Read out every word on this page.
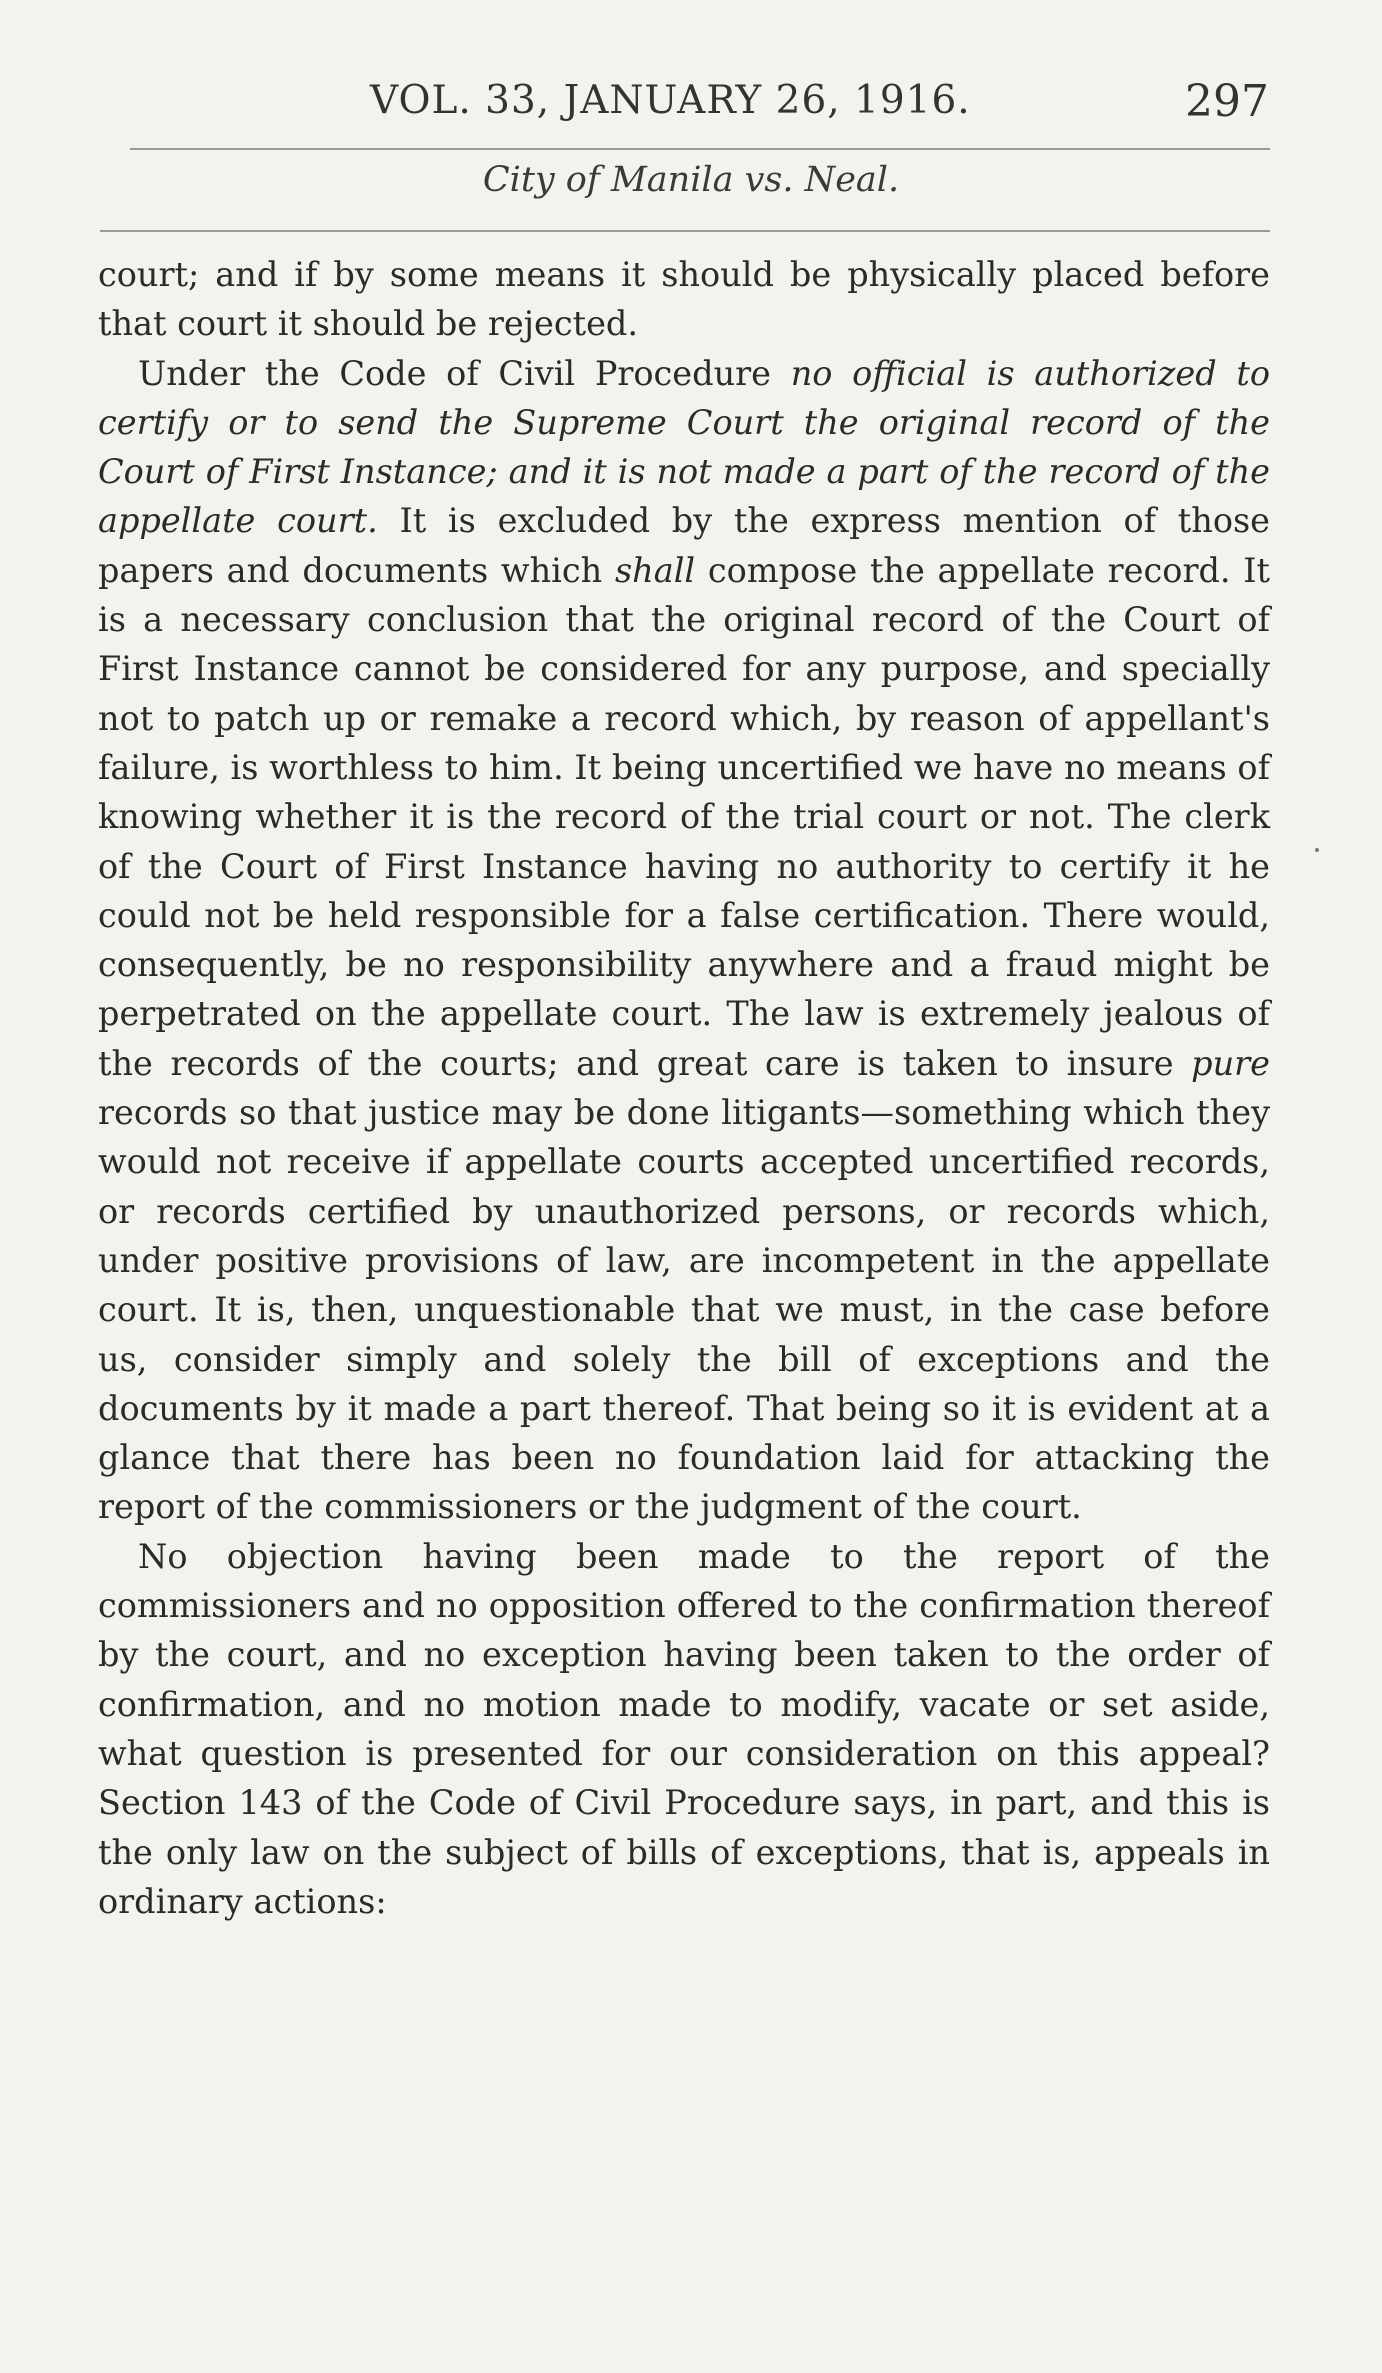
VOL. 33, JANUARY 26, 1916.	297
City of Manila vs. Neal.

court; and if by some means it should be physically placed before that court it should be rejected.

Under the Code of Civil Procedure no official is authorized to certify or to send the Supreme Court the original record of the Court of First Instance; and it is not made a part of the record of the appellate court. It is excluded by the express mention of those papers and documents which shall compose the appellate record. It is a necessary conclusion that the original record of the Court of First Instance cannot be considered for any purpose, and specially not to patch up or remake a record which, by reason of appellant's failure, is worthless to him. It being uncertified we have no means of knowing whether it is the record of the trial court or not. The clerk of the Court of First Instance having no authority to certify it he could not be held responsible for a false certification. There would, consequently, be no responsibility anywhere and a fraud might be perpetrated on the appellate court. The law is extremely jealous of the records of the courts; and great care is taken to insure pure records so that justice may be done litigants—something which they would not receive if appellate courts accepted uncertified records, or records certified by unauthorized persons, or records which, under positive provisions of law, are incompetent in the appellate court. It is, then, unquestionable that we must, in the case before us, consider simply and solely the bill of exceptions and the documents by it made a part thereof. That being so it is evident at a glance that there has been no foundation laid for attacking the report of the commissioners or the judgment of the court.

No objection having been made to the report of the commissioners and no opposition offered to the confirmation thereof by the court, and no exception having been taken to the order of confirmation, and no motion made to modify, vacate or set aside, what question is presented for our consideration on this appeal? Section 143 of the Code of Civil Procedure says, in part, and this is the only law on the subject of bills of exceptions, that is, appeals in ordinary actions:
